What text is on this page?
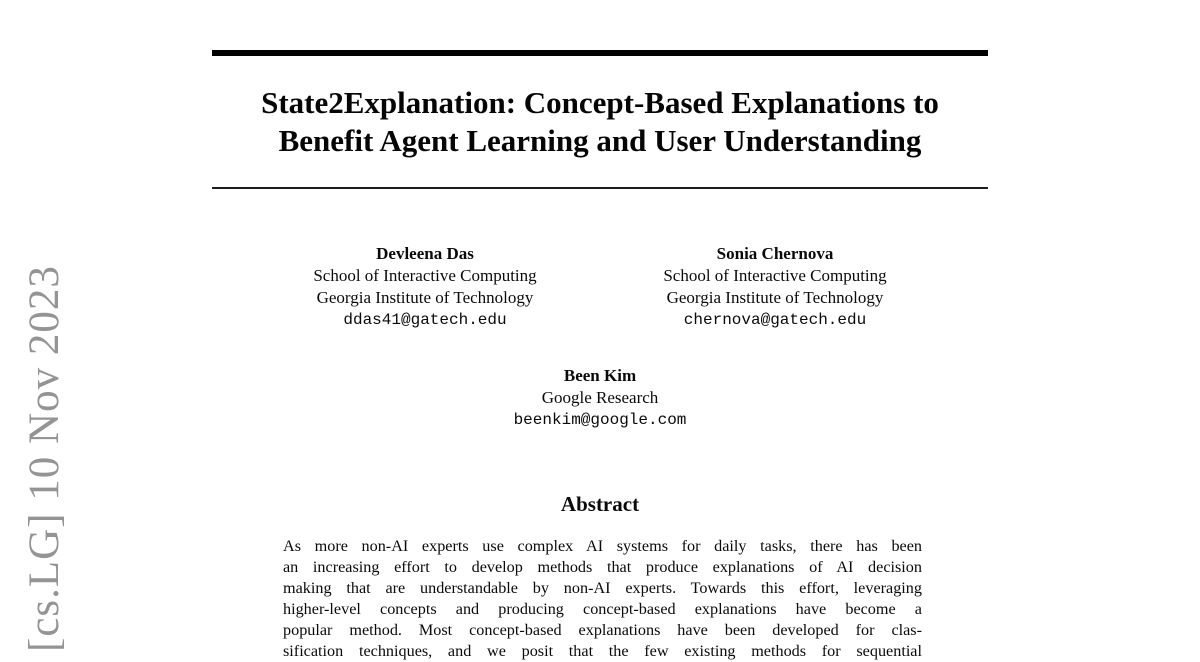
[cs.LG] 10 Nov 2023
State2Explanation: Concept-Based Explanations to
Benefit Agent Learning and User Understanding
Devleena Das
School of Interactive Computing
Georgia Institute of Technology
ddas41@gatech.edu
Sonia Chernova
School of Interactive Computing
Georgia Institute of Technology
chernova@gatech.edu
Been Kim
Google Research
beenkim@google.com
Abstract
As more non-AI experts use complex AI systems for daily tasks, there has been
an increasing effort to develop methods that produce explanations of AI decision
making that are understandable by non-AI experts. Towards this effort, leveraging
higher-level concepts and producing concept-based explanations have become a
popular method. Most concept-based explanations have been developed for clas-
sification techniques, and we posit that the few existing methods for sequential
